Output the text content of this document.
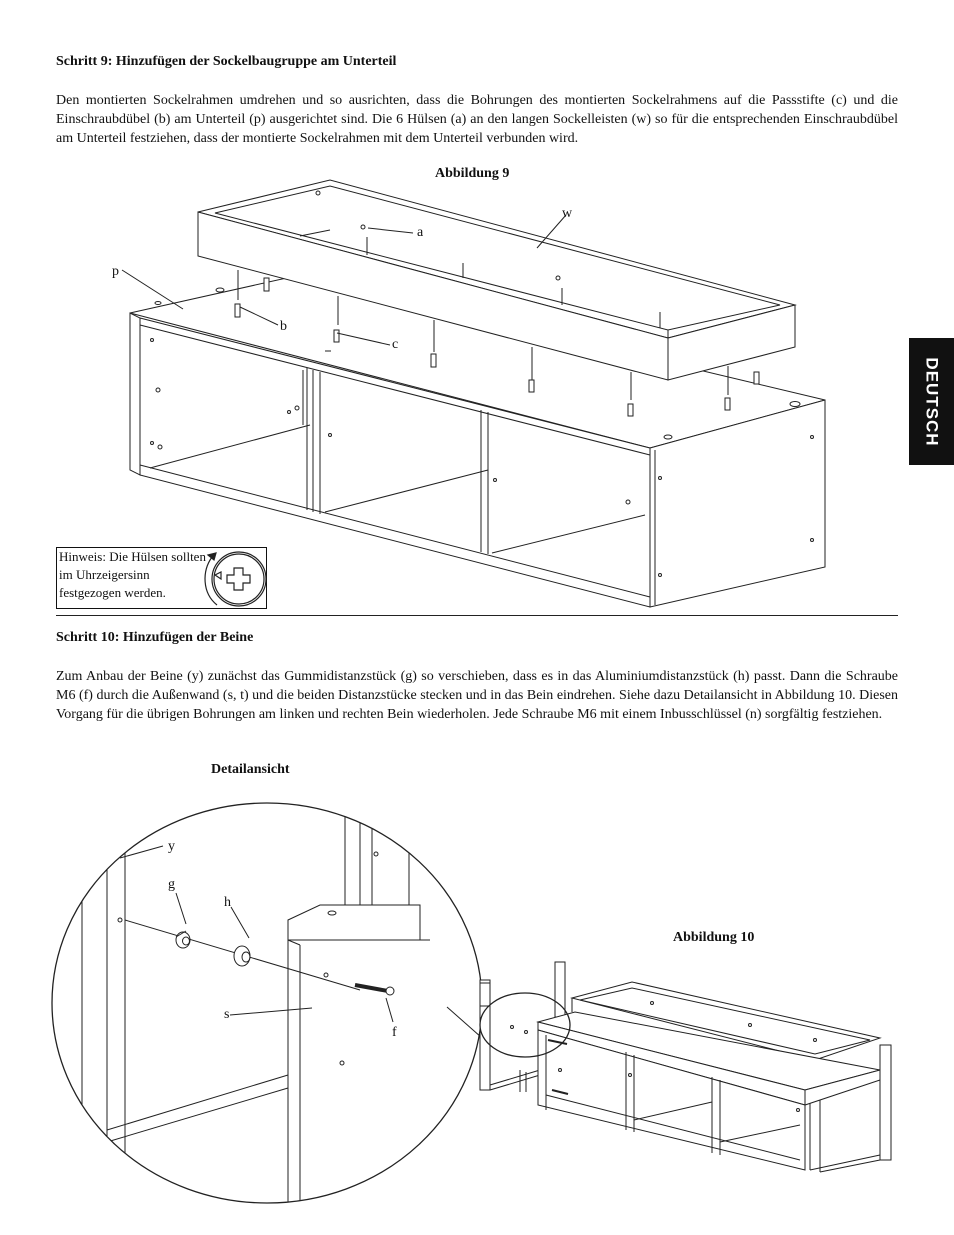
Schritt 9: Hinzufügen der Sockelbaugruppe am Unterteil

Den montierten Sockelrahmen umdrehen und so ausrichten, dass die Bohrungen des montierten Sockelrahmens auf die Passstifte (c) und die Einschraubdübel (b) am Unterteil (p) ausgerichtet sind. Die 6 Hülsen (a) an den langen Sockelleisten (w) so für die entsprechenden Einschraubdübel am Unterteil festziehen, dass der montierte Sockelrahmen mit dem Unterteil verbunden wird.

Abbildung 9
DEUTSCH
a
w
p
b
c
Hinweis: Die Hülsen sollten im Uhrzeigersinn festgezogen werden.
Schritt 10: Hinzufügen der Beine

Zum Anbau der Beine (y) zunächst das Gummidistanzstück (g) so verschieben, dass es in das Aluminiumdistanzstück (h) passt. Dann die Schraube M6 (f) durch die Außenwand (s, t) und die beiden Distanzstücke stecken und in das Bein eindrehen. Siehe dazu Detailansicht in Abbildung 10. Diesen Vorgang für die übrigen Bohrungen am linken und rechten Bein wiederholen. Jede Schraube M6 mit einem Inbusschlüssel (n) sorgfältig festziehen.

Detailansicht
Abbildung 10
y
g
h
s
f
